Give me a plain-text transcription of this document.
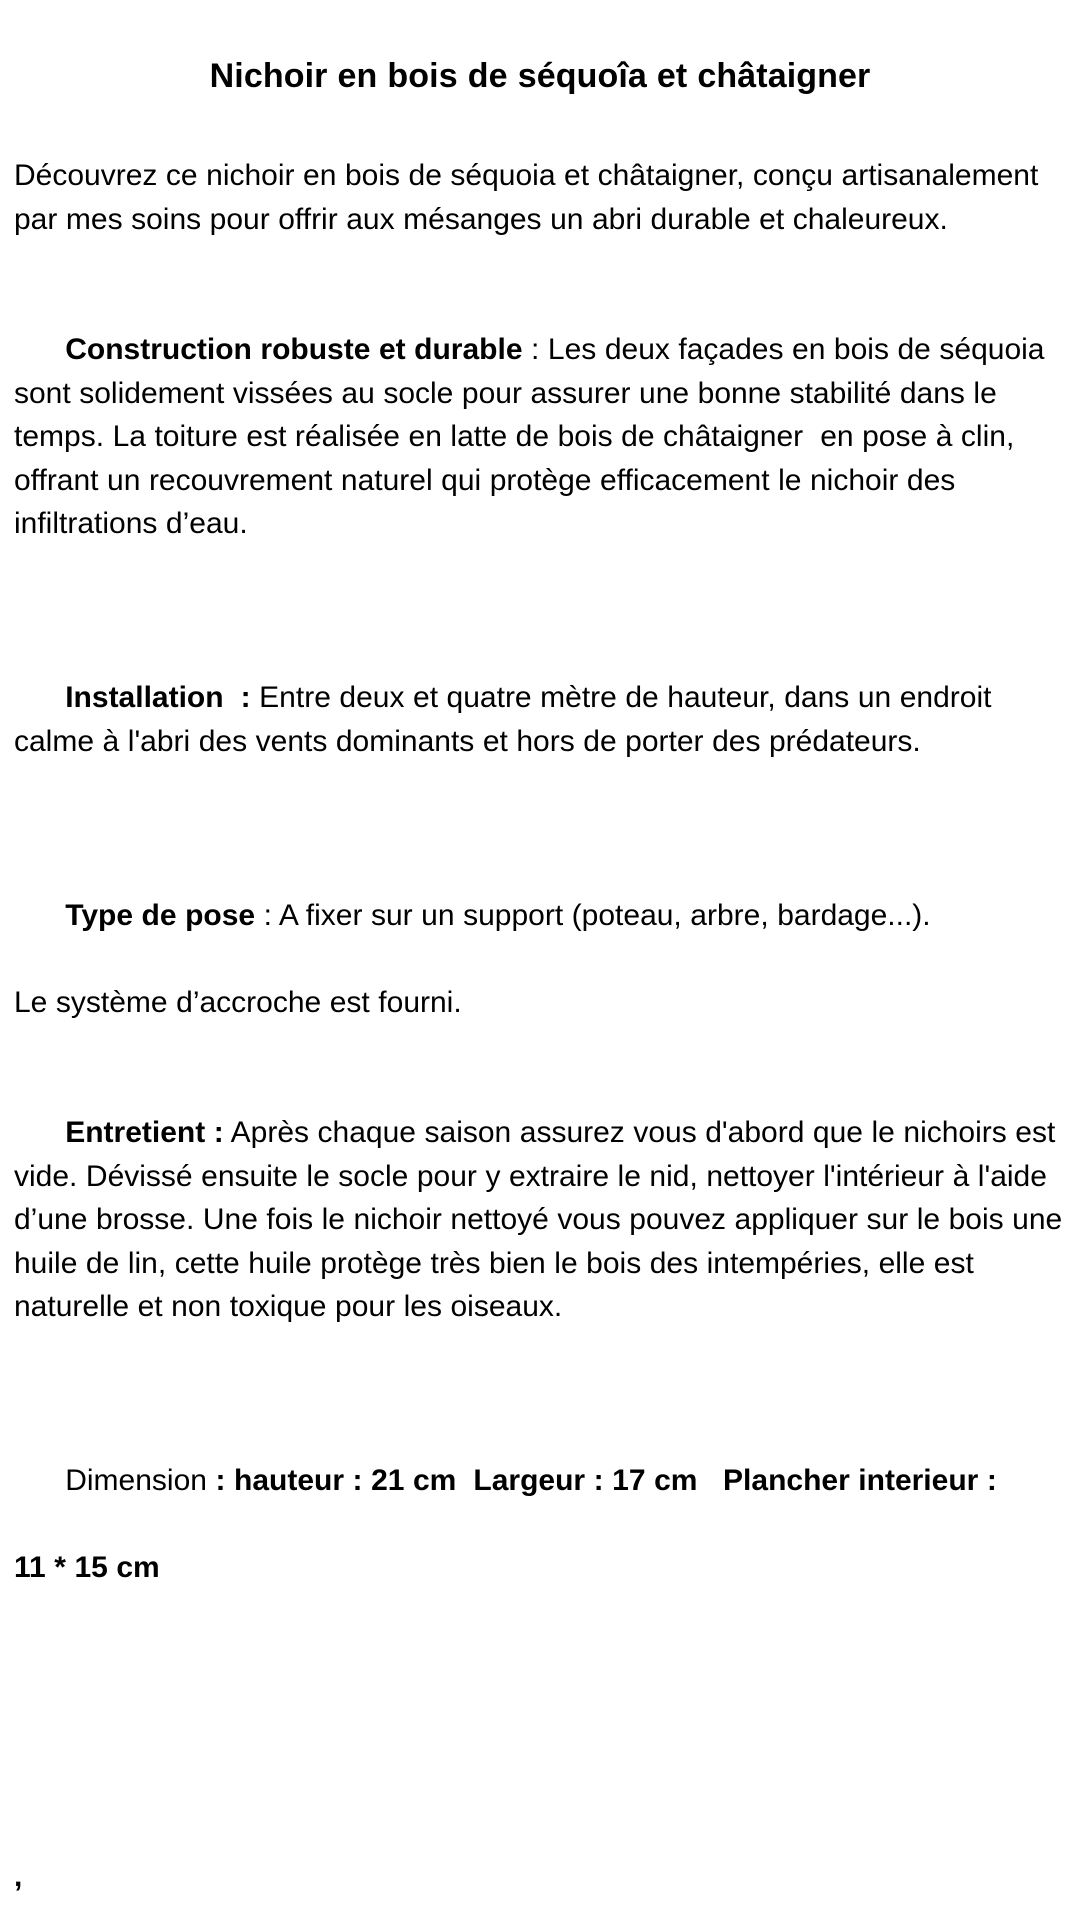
Nichoir en bois de séquoîa et châtaigner

Découvrez ce nichoir en bois de séquoia et châtaigner, conçu artisanalement par mes soins pour offrir aux mésanges un abri durable et chaleureux.

Construction robuste et durable : Les deux façades en bois de séquoia sont solidement vissées au socle pour assurer une bonne stabilité dans le temps. La toiture est réalisée en latte de bois de châtaigner  en pose à clin, offrant un recouvrement naturel qui protège efficacement le nichoir des infiltrations d’eau.

Installation  : Entre deux et quatre mètre de hauteur, dans un endroit calme à l'abri des vents dominants et hors de porter des prédateurs.

Type de pose : A fixer sur un support (poteau, arbre, bardage...).

Le système d’accroche est fourni.

Entretient : Après chaque saison assurez vous d'abord que le nichoirs est vide. Dévissé ensuite le socle pour y extraire le nid, nettoyer l'intérieur à l'aide d’une brosse. Une fois le nichoir nettoyé vous pouvez appliquer sur le bois une huile de lin, cette huile protège très bien le bois des intempéries, elle est naturelle et non toxique pour les oiseaux.

Dimension : hauteur : 21 cm  Largeur : 17 cm   Plancher interieur :

11 * 15 cm

,
